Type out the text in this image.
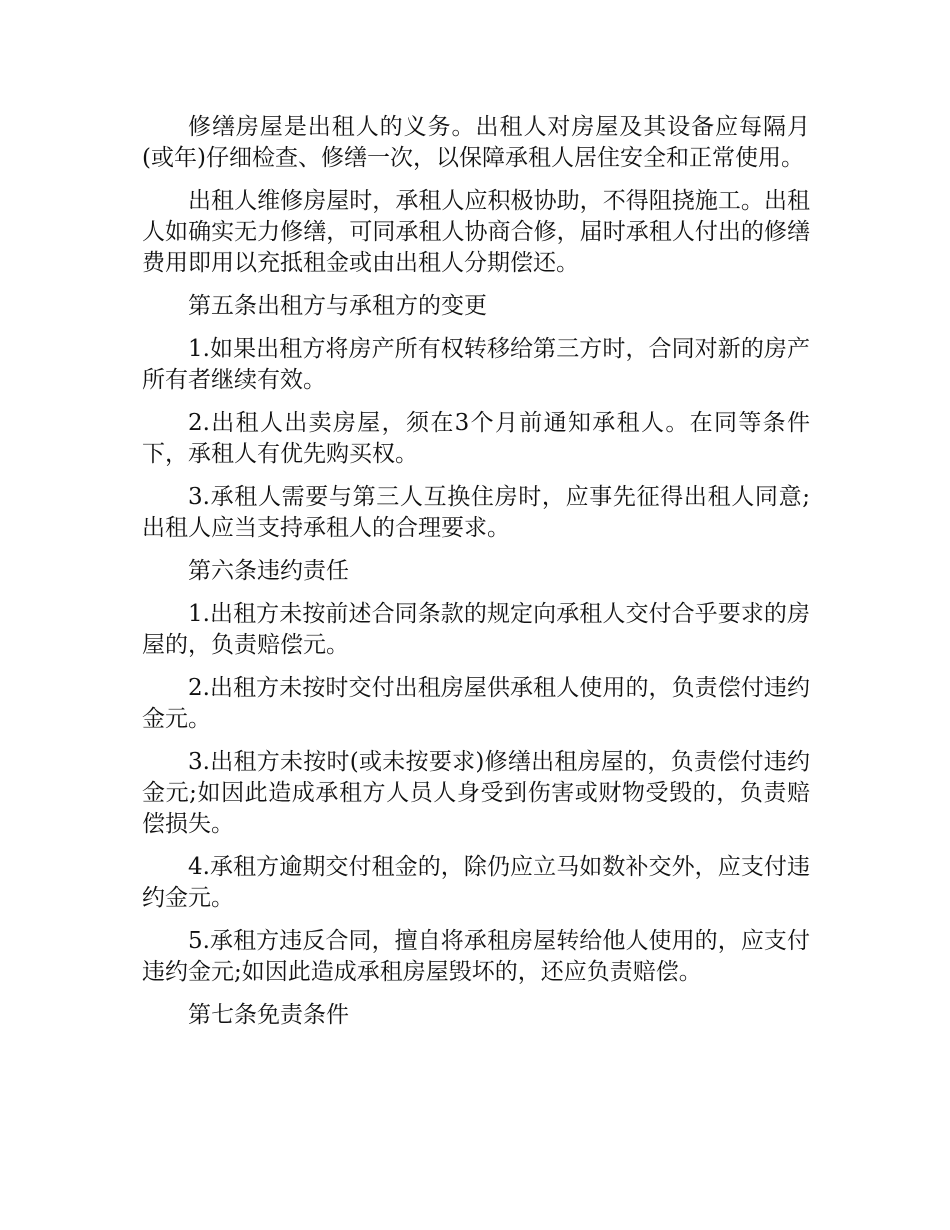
修缮房屋是出租人的义务。出租人对房屋及其设备应每隔月(或年)仔细检查、修缮一次，以保障承租人居住安全和正常使用。

出租人维修房屋时，承租人应积极协助，不得阻挠施工。出租人如确实无力修缮，可同承租人协商合修，届时承租人付出的修缮费用即用以充抵租金或由出租人分期偿还。

第五条出租方与承租方的变更

1.如果出租方将房产所有权转移给第三方时，合同对新的房产所有者继续有效。

2.出租人出卖房屋，须在3个月前通知承租人。在同等条件下，承租人有优先购买权。

3.承租人需要与第三人互换住房时，应事先征得出租人同意;出租人应当支持承租人的合理要求。

第六条违约责任

1.出租方未按前述合同条款的规定向承租人交付合乎要求的房屋的，负责赔偿元。

2.出租方未按时交付出租房屋供承租人使用的，负责偿付违约金元。

3.出租方未按时(或未按要求)修缮出租房屋的，负责偿付违约金元;如因此造成承租方人员人身受到伤害或财物受毁的，负责赔偿损失。

4.承租方逾期交付租金的，除仍应立马如数补交外，应支付违约金元。

5.承租方违反合同，擅自将承租房屋转给他人使用的，应支付违约金元;如因此造成承租房屋毁坏的，还应负责赔偿。

第七条免责条件
